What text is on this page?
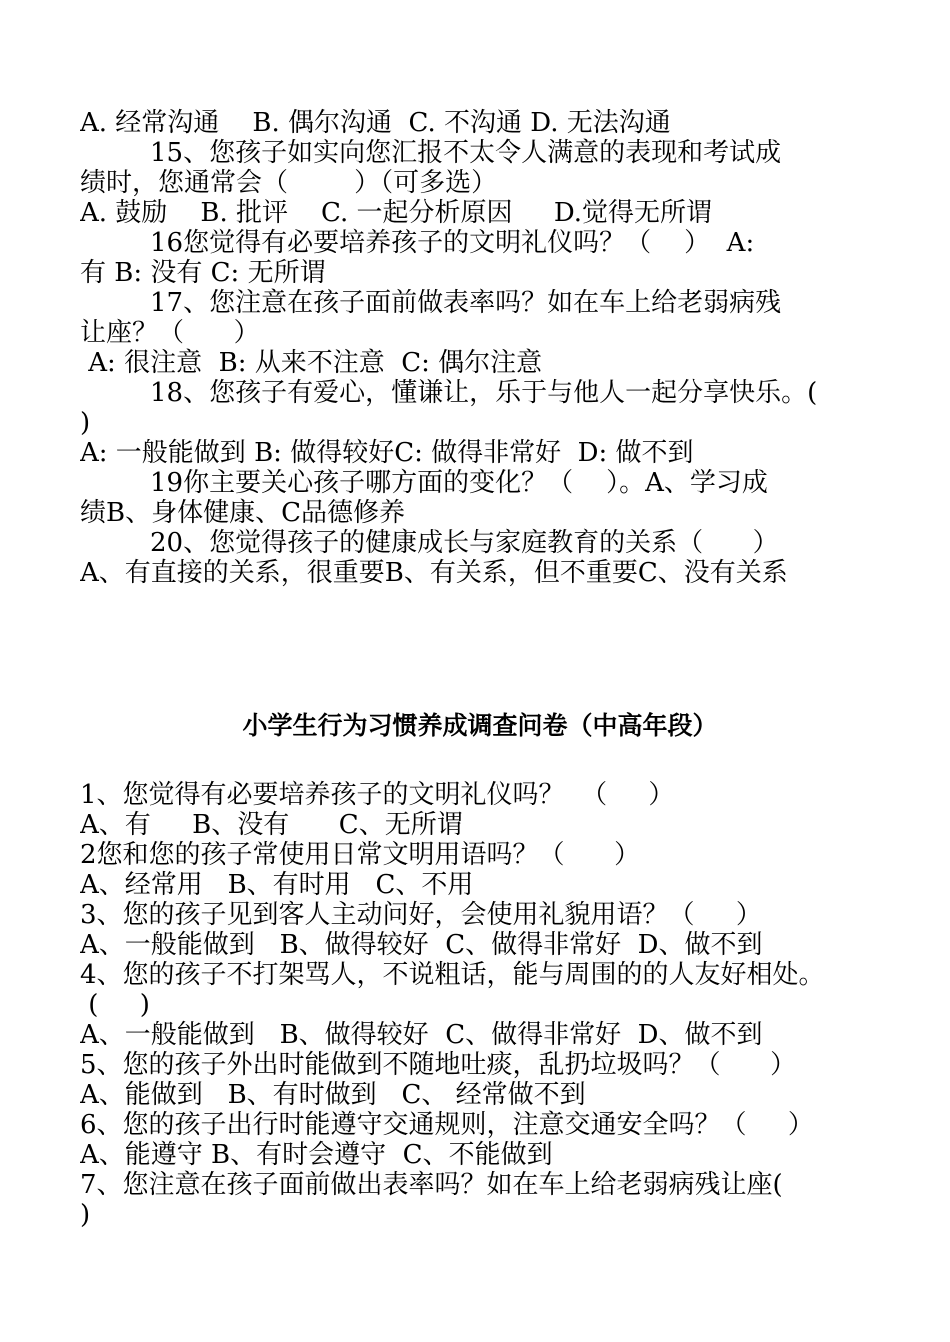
A. 经常沟通    B. 偶尔沟通  C. 不沟通 D. 无法沟通
15、您孩子如实向您汇报不太令人满意的表现和考试成
绩时，您通常会（        ）（可多选）
A. 鼓励    B. 批评    C. 一起分析原因     D.觉得无所谓
16您觉得有必要培养孩子的文明礼仪吗？（    ）  A:
有 B: 没有 C: 无所谓
17、您注意在孩子面前做表率吗？如在车上给老弱病残
让座？（      ）
A: 很注意  B: 从来不注意  C: 偶尔注意
18、您孩子有爱心，懂谦让，乐于与他人一起分享快乐。(
)
A: 一般能做到 B: 做得较好C: 做得非常好  D: 做不到
19你主要关心孩子哪方面的变化？（    ）。A、学习成
绩B、身体健康、C品德修养
20、您觉得孩子的健康成长与家庭教育的关系（      ）
A、有直接的关系，很重要B、有关系，但不重要C、没有关系
小学生行为习惯养成调查问卷（中高年段）
1、您觉得有必要培养孩子的文明礼仪吗？  （     ）
A、有     B、没有      C、无所谓
2您和您的孩子常使用日常文明用语吗？（      ）
A、经常用   B、有时用   C、不用
3、您的孩子见到客人主动问好，会使用礼貌用语？（     ）
A、一般能做到   B、做得较好  C、做得非常好  D、做不到
4、您的孩子不打架骂人，不说粗话，能与周围的的人友好相处。
(     )
A、一般能做到   B、做得较好  C、做得非常好  D、做不到
5、您的孩子外出时能做到不随地吐痰，乱扔垃圾吗？（      ）
A、能做到   B、有时做到   C、 经常做不到
6、您的孩子出行时能遵守交通规则，注意交通安全吗？（     ）
A、能遵守 B、有时会遵守  C、不能做到
7、您注意在孩子面前做出表率吗？如在车上给老弱病残让座(
)
